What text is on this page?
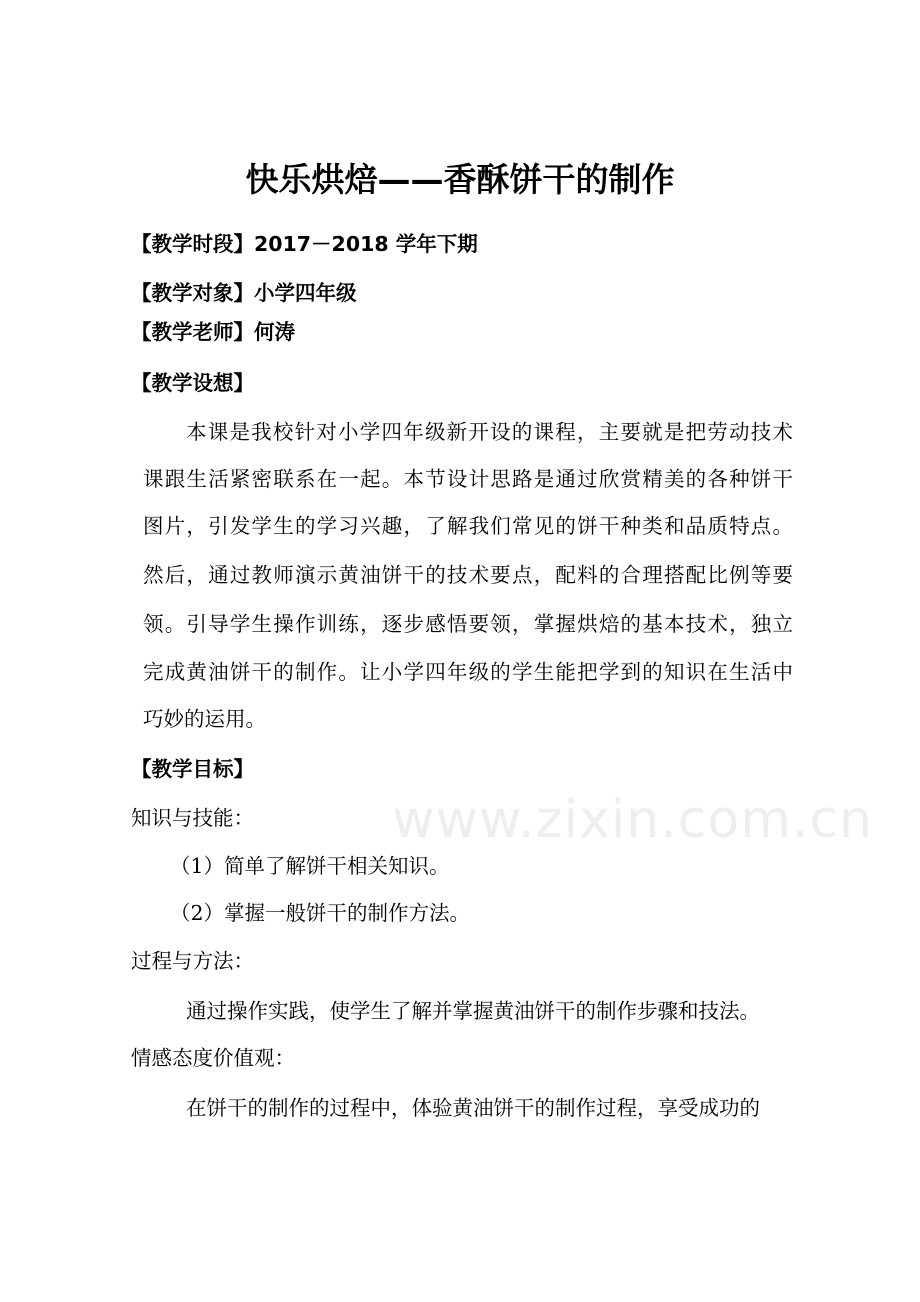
快乐烘焙——香酥饼干的制作
【教学时段】2017－2018 学年下期
【教学对象】小学四年级
【教学老师】何涛
【教学设想】
本课是我校针对小学四年级新开设的课程，主要就是把劳动技术
课跟生活紧密联系在一起。本节设计思路是通过欣赏精美的各种饼干
图片，引发学生的学习兴趣，了解我们常见的饼干种类和品质特点。
然后，通过教师演示黄油饼干的技术要点，配料的合理搭配比例等要
领。引导学生操作训练，逐步感悟要领，掌握烘焙的基本技术，独立
完成黄油饼干的制作。让小学四年级的学生能把学到的知识在生活中
巧妙的运用。
【教学目标】
知识与技能：
（1）简单了解饼干相关知识。
（2）掌握一般饼干的制作方法。
过程与方法：
通过操作实践，使学生了解并掌握黄油饼干的制作步骤和技法。
情感态度价值观：
在饼干的制作的过程中，体验黄油饼干的制作过程，享受成功的
www.zixin.com.cn
